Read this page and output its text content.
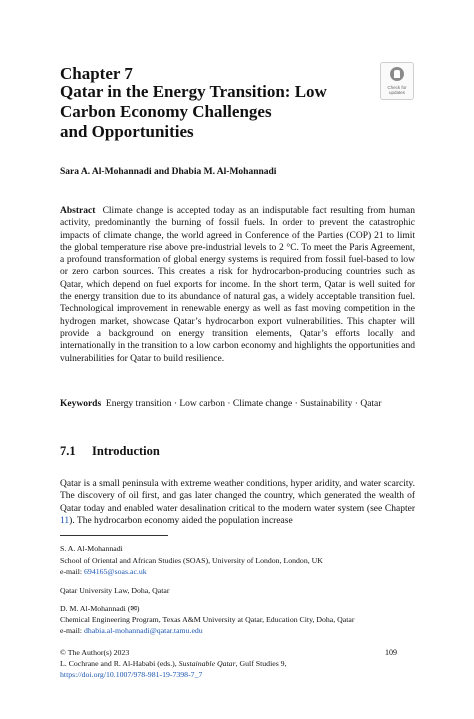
Chapter 7
Qatar in the Energy Transition: Low
Carbon Economy Challenges
and Opportunities
Check for
updates
Sara A. Al-Mohannadi and Dhabia M. Al-Mohannadi
Abstract Climate change is accepted today as an indisputable fact resulting from human activity, predominantly the burning of fossil fuels. In order to prevent the catastrophic impacts of climate change, the world agreed in Conference of the Parties (COP) 21 to limit the global temperature rise above pre-industrial levels to 2 °C. To meet the Paris Agreement, a profound transformation of global energy systems is required from fossil fuel-based to low or zero carbon sources. This creates a risk for hydrocarbon-producing countries such as Qatar, which depend on fuel exports for income. In the short term, Qatar is well suited for the energy transition due to its abundance of natural gas, a widely acceptable transition fuel. Technological improvement in renewable energy as well as fast moving competition in the hydrogen market, showcase Qatar’s hydrocarbon export vulnerabilities. This chapter will provide a background on energy transition elements, Qatar’s efforts locally and internationally in the transition to a low carbon economy and highlights the opportunities and vulnerabilities for Qatar to build resilience.
Keywords Energy transition · Low carbon · Climate change · Sustainability · Qatar
7.1 Introduction
Qatar is a small peninsula with extreme weather conditions, hyper aridity, and water scarcity. The discovery of oil first, and gas later changed the country, which generated the wealth of Qatar today and enabled water desalination critical to the modern water system (see Chapter 11). The hydrocarbon economy aided the population increase
S. A. Al-Mohannadi
School of Oriental and African Studies (SOAS), University of London, London, UK
e-mail: 694165@soas.ac.uk
Qatar University Law, Doha, Qatar
D. M. Al-Mohannadi (✉)
Chemical Engineering Program, Texas A&M University at Qatar, Education City, Doha, Qatar
e-mail: dhabia.al-mohannadi@qatar.tamu.edu
© The Author(s) 2023
L. Cochrane and R. Al-Hababi (eds.), Sustainable Qatar, Gulf Studies 9,
https://doi.org/10.1007/978-981-19-7398-7_7
109
